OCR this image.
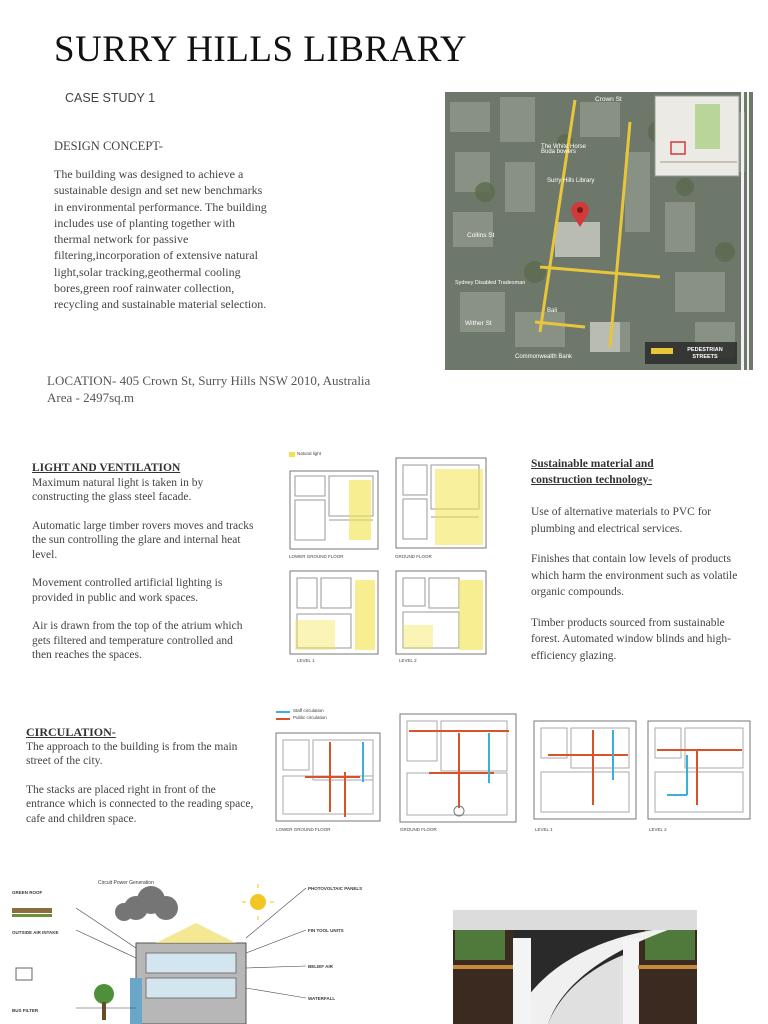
SURRY HILLS LIBRARY
CASE STUDY 1
DESIGN CONCEPT-
The building was designed to achieve a
sustainable design and set new benchmarks
in environmental performance. The building
includes use of planting together with
thermal network for passive
filtering,incorporation of extensive natural
light,solar tracking,geothermal cooling
bores,green roof rainwater collection,
recycling and sustainable material selection.
LOCATION- 405 Crown St, Surry Hills NSW 2010, Australia
Area - 2497sq.m
PEDESTRIAN STREETS
Buda bowers
The White Horse
Surry Hills Library
Sydney Disabled Tradesman
Bali
Commonwealth Bank
Collins St
Wither St
Crown St
LIGHT AND VENTILATION

Maximum natural light is taken in by constructing the glass steel facade.

Automatic large timber rovers moves and tracks the sun controlling the glare and internal heat level.

Movement controlled artificial lighting is provided in public and work spaces.

Air is drawn from the top of the atrium which gets filtered and temperature controlled and then reaches the spaces.

Natural light
LOWER GROUND FLOOR	GROUND FLOOR
LEVEL 1	LEVEL 2
Sustainable material and
construction technology-

Use of alternative materials to PVC for plumbing and electrical services.

Finishes that contain low levels of products which harm the environment such as volatile organic compounds.

Timber products sourced from sustainable forest. Automated window blinds and high-efficiency glazing.

CIRCULATION-

The approach to the building is from the main street of the city.

The stacks are placed right in front of the entrance which is connected to the reading space, cafe and children space.

Staff circulation
Public circulation
LOWER GROUND FLOOR	GROUND FLOOR	LEVEL 1	LEVEL 2
Circuit Power Generation
GREEN ROOF
OUTSIDE AIR INTAKE
BUS FILTER
PHOTOVOLTAIC PANELS
FIN TOOL UNITS
BELIEF AIR
WATERFALL
